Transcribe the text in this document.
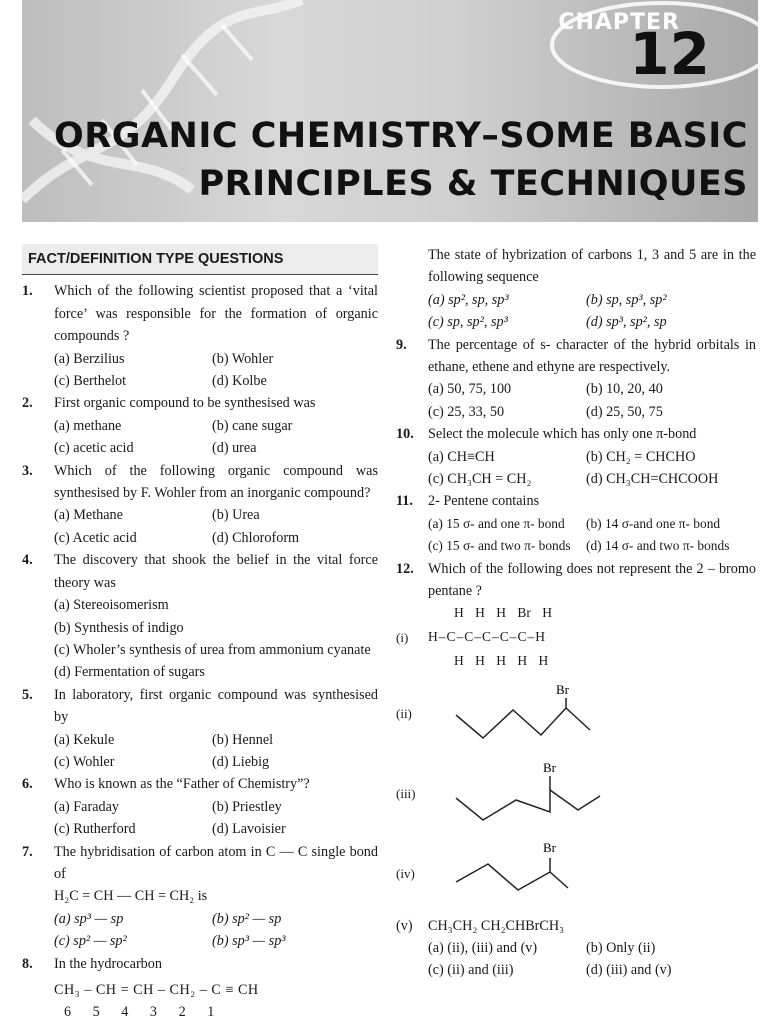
CHAPTER
12
ORGANIC CHEMISTRY–SOME BASIC
PRINCIPLES & TECHNIQUES
FACT/DEFINITION TYPE QUESTIONS
1.	Which of the following scientist proposed that a ‘vital force’ was responsible for the formation of organic compounds ?
(a) Berzilius	(b) Wohler
(c) Berthelot	(d) Kolbe
2.	First organic compound to be synthesised was
(a) methane	(b) cane sugar
(c) acetic acid	(d) urea
3.	Which of the following organic compound was synthesised by F. Wohler from an inorganic compound?
(a) Methane	(b) Urea
(c) Acetic acid	(d) Chloroform
4.	The discovery that shook the belief in the vital force theory was
(a) Stereoisomerism
(b) Synthesis of indigo
(c) Wholer’s synthesis of urea from ammonium cyanate
(d) Fermentation of sugars
5.	In laboratory, first organic compound was synthesised by
(a) Kekule	(b) Hennel
(c) Wohler	(d) Liebig
6.	Who is known as the “Father of Chemistry”?
(a) Faraday	(b) Priestley
(c) Rutherford	(d) Lavoisier
7.	The hybridisation of carbon atom in C — C single bond of
H₂C = CH — CH = CH₂ is
(a) sp³ — sp	(b) sp² — sp
(c) sp² — sp²	(b) sp³ — sp³
8.	In the hydrocarbon
CH₃ – CH = CH – CH₂ – C ≡ CH
6 5 4 3 2 1
The state of hybrization of carbons 1, 3 and 5 are in the following sequence
(a) sp², sp, sp³	(b) sp, sp³, sp²
(c) sp, sp², sp³	(d) sp³, sp², sp
9.	The percentage of s- character of the hybrid orbitals in ethane, ethene and ethyne are respectively.
(a) 50, 75, 100	(b) 10, 20, 40
(c) 25, 33, 50	(d) 25, 50, 75
10.	Select the molecule which has only one π-bond
(a) CH≡CH	(b) CH₂ = CHCHO
(c) CH₃CH = CH₂	(d) CH₃CH=CHCOOH
11.	2- Pentene contains
(a) 15 σ- and one π- bond	(b) 14 σ-and one π- bond
(c) 15 σ- and two π- bonds	(d) 14 σ- and two π- bonds
12.	Which of the following does not represent the 2 – bromo pentane ?
(i)
H H H Br H
H–C–C–C–C–C–H
H H H H H
(ii)
Br
(iii)
Br
(iv)
Br
(v)	CH₃CH₂ CH₂CHBrCH₃
(a) (ii), (iii) and (v)	(b) Only (ii)
(c) (ii) and (iii)	(d) (iii) and (v)
